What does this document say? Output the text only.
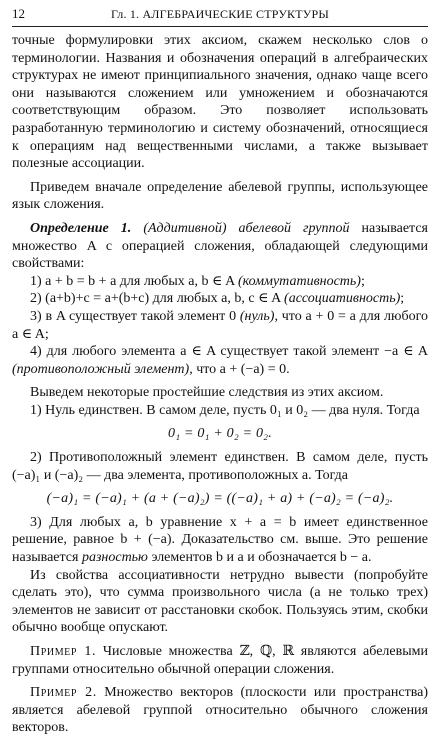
12	Гл. 1. АЛГЕБРАИЧЕСКИЕ СТРУКТУРЫ

точные формулировки этих аксиом, скажем несколько слов о терминологии. Названия и обозначения операций в алгебраических структурах не имеют принципиального значения, однако чаще всего они называются сложением или умножением и обозначаются соответствующим образом. Это позволяет использовать разработанную терминологию и систему обозначений, относящиеся к операциям над вещественными числами, а также вызывает полезные ассоциации.

Приведем вначале определение абелевой группы, использующее язык сложения.

Определение 1. (Аддитивной) абелевой группой называется множество A с операцией сложения, обладающей следующими свойствами:

1) a + b = b + a для любых a, b ∈ A (коммутативность);

2) (a+b)+c = a+(b+c) для любых a, b, c ∈ A (ассоциативность);

3) в A существует такой элемент 0 (нуль), что a + 0 = a для любого a ∈ A;

4) для любого элемента a ∈ A существует такой элемент −a ∈ A (противоположный элемент), что a + (−a) = 0.

Выведем некоторые простейшие следствия из этих аксиом.

1) Нуль единствен. В самом деле, пусть 0₁ и 0₂ — два нуля. Тогда

0₁ = 0₁ + 0₂ = 0₂.

2) Противоположный элемент единствен. В самом деле, пусть (−a)₁ и (−a)₂ — два элемента, противоположных a. Тогда

(−a)₁ = (−a)₁ + (a + (−a)₂) = ((−a)₁ + a) + (−a)₂ = (−a)₂.

3) Для любых a, b уравнение x + a = b имеет единственное решение, равное b + (−a). Доказательство см. выше. Это решение называется разностью элементов b и a и обозначается b − a.

Из свойства ассоциативности нетрудно вывести (попробуйте сделать это), что сумма произвольного числа (а не только трех) элементов не зависит от расстановки скобок. Пользуясь этим, скобки обычно вообще опускают.

Пример 1. Числовые множества ℤ, ℚ, ℝ являются абелевыми группами относительно обычной операции сложения.

Пример 2. Множество векторов (плоскости или пространства) является абелевой группой относительно обычного сложения векторов.
